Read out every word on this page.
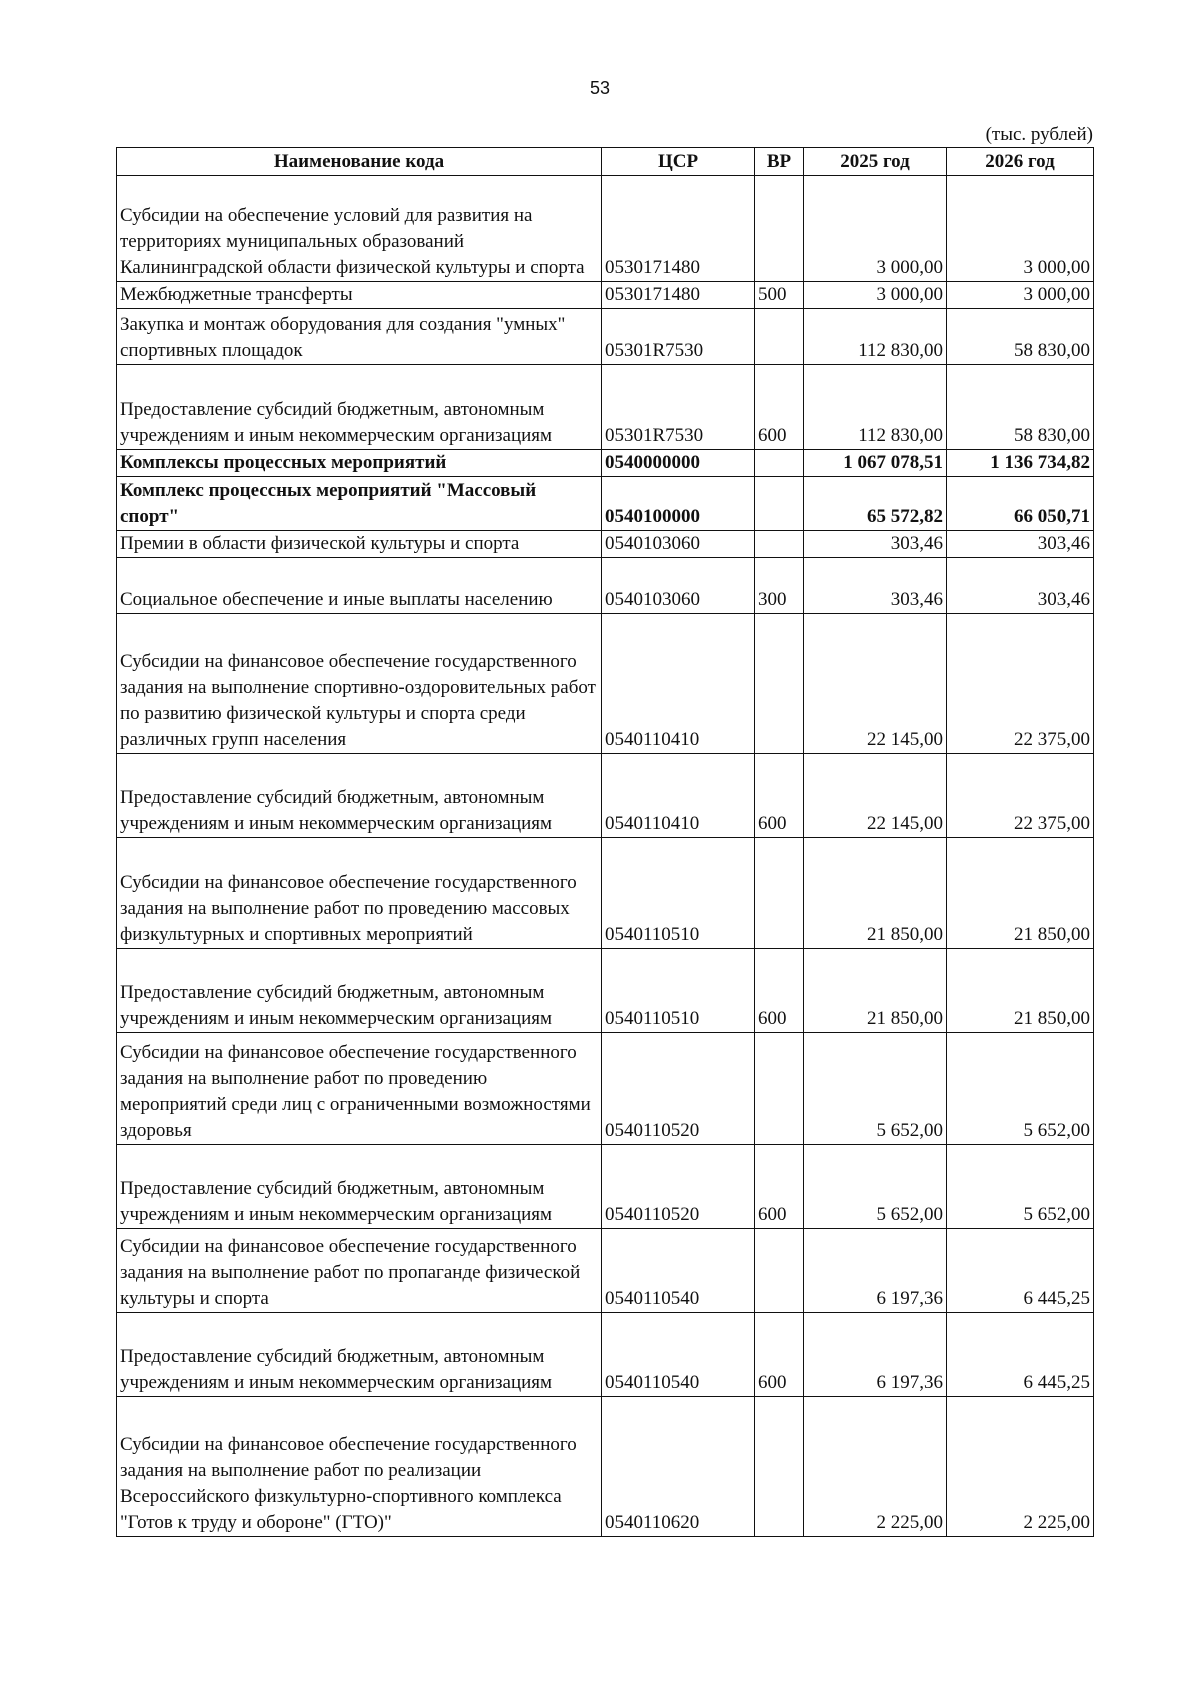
53
(тыс. рублей)
Наименование кода	ЦСР	ВР	2025 год	2026 год
Субсидии на обеспечение условий для развития на территориях муниципальных образований Калининградской области физической культуры и спорта	0530171480		3 000,00	3 000,00
Межбюджетные трансферты	0530171480	500	3 000,00	3 000,00
Закупка и монтаж оборудования для создания "умных" спортивных площадок	05301R7530		112 830,00	58 830,00
Предоставление субсидий бюджетным, автономным учреждениям и иным некоммерческим организациям	05301R7530	600	112 830,00	58 830,00
Комплексы процессных мероприятий	0540000000		1 067 078,51	1 136 734,82
Комплекс процессных мероприятий "Массовый спорт"	0540100000		65 572,82	66 050,71
Премии в области физической культуры и спорта	0540103060		303,46	303,46
Социальное обеспечение и иные выплаты населению	0540103060	300	303,46	303,46
Субсидии на финансовое обеспечение государственного задания на выполнение спортивно-оздоровительных работ по развитию физической культуры и спорта среди различных групп населения	0540110410		22 145,00	22 375,00
Предоставление субсидий бюджетным, автономным учреждениям и иным некоммерческим организациям	0540110410	600	22 145,00	22 375,00
Субсидии на финансовое обеспечение государственного задания на выполнение работ по проведению массовых физкультурных и спортивных мероприятий	0540110510		21 850,00	21 850,00
Предоставление субсидий бюджетным, автономным учреждениям и иным некоммерческим организациям	0540110510	600	21 850,00	21 850,00
Субсидии на финансовое обеспечение государственного задания на выполнение работ по проведению мероприятий среди лиц с ограниченными возможностями здоровья	0540110520		5 652,00	5 652,00
Предоставление субсидий бюджетным, автономным учреждениям и иным некоммерческим организациям	0540110520	600	5 652,00	5 652,00
Субсидии на финансовое обеспечение государственного задания на выполнение работ по пропаганде физической культуры и спорта	0540110540		6 197,36	6 445,25
Предоставление субсидий бюджетным, автономным учреждениям и иным некоммерческим организациям	0540110540	600	6 197,36	6 445,25
Субсидии на финансовое обеспечение государственного задания на выполнение работ по реализации Всероссийского физкультурно-спортивного комплекса "Готов к труду и обороне" (ГТО)"	0540110620		2 225,00	2 225,00
